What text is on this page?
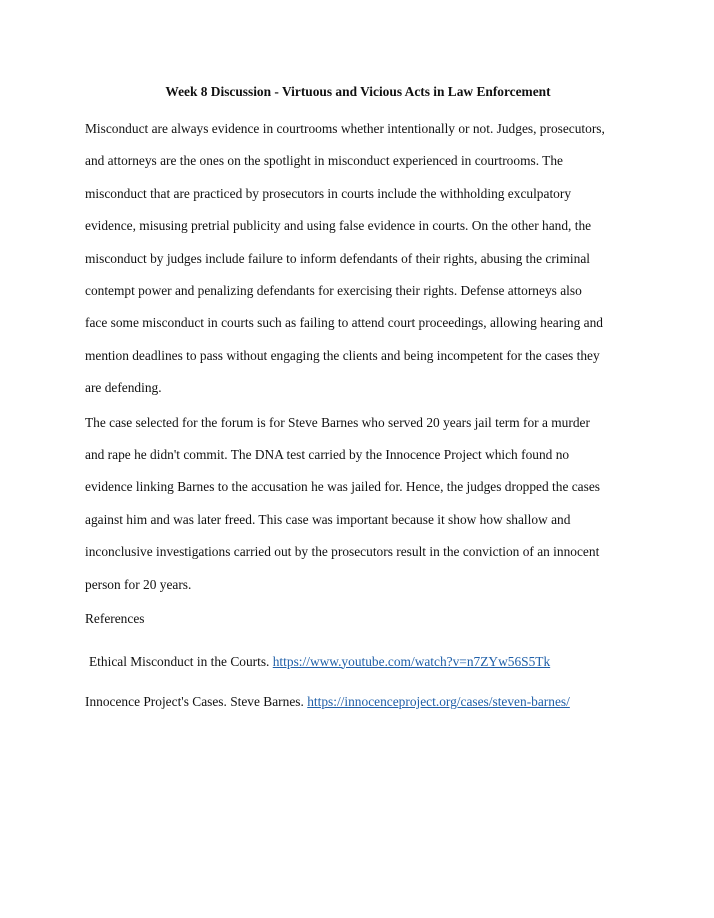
Week 8 Discussion - Virtuous and Vicious Acts in Law Enforcement
Misconduct are always evidence in courtrooms whether intentionally or not. Judges, prosecutors,
and attorneys are the ones on the spotlight in misconduct experienced in courtrooms. The
misconduct that are practiced by prosecutors in courts include the withholding exculpatory
evidence, misusing pretrial publicity and using false evidence in courts. On the other hand, the
misconduct by judges include failure to inform defendants of their rights, abusing the criminal
contempt power and penalizing defendants for exercising their rights. Defense attorneys also
face some misconduct in courts such as failing to attend court proceedings, allowing hearing and
mention deadlines to pass without engaging the clients and being incompetent for the cases they
are defending.
The case selected for the forum is for Steve Barnes who served 20 years jail term for a murder
and rape he didn't commit. The DNA test carried by the Innocence Project which found no
evidence linking Barnes to the accusation he was jailed for. Hence, the judges dropped the cases
against him and was later freed. This case was important because it show how shallow and
inconclusive investigations carried out by the prosecutors result in the conviction of an innocent
person for 20 years.
References
Ethical Misconduct in the Courts. https://www.youtube.com/watch?v=n7ZYw56S5Tk
Innocence Project's Cases. Steve Barnes. https://innocenceproject.org/cases/steven-barnes/
